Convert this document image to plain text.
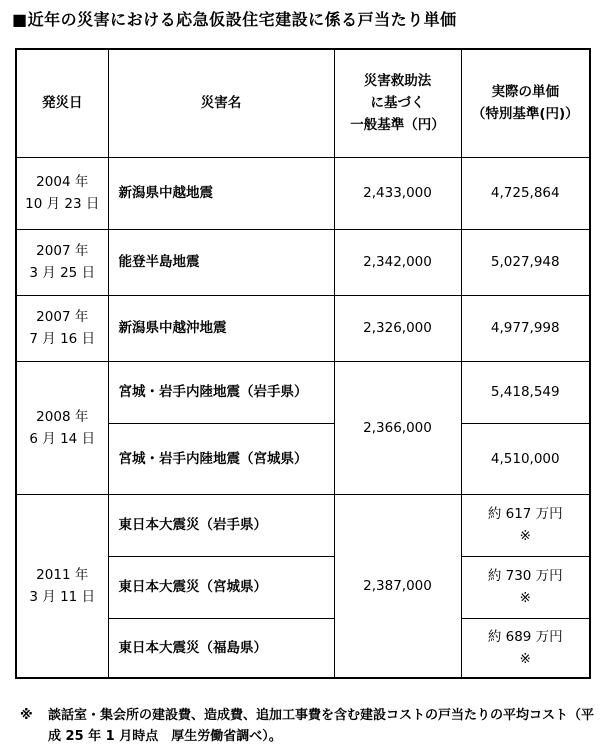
■近年の災害における応急仮設住宅建設に係る戸当たり単価
発災日	災害名	災害救助法
に基づく
一般基準（円）	実際の単価
（特別基準(円)）

2004 年
10 月 23 日	新潟県中越地震	2,433,000	4,725,864

2007 年
3 月 25 日	能登半島地震	2,342,000	5,027,948

2007 年
7 月 16 日	新潟県中越沖地震	2,326,000	4,977,998

2008 年
6 月 14 日	宮城・岩手内陸地震（岩手県）	2,366,000	5,418,549
	宮城・岩手内陸地震（宮城県）		4,510,000

2011 年
3 月 11 日	東日本大震災（岩手県）	2,387,000	約 617 万円
※

	東日本大震災（宮城県）		約 730 万円
※

	東日本大震災（福島県）		約 689 万円
※
※	談話室・集会所の建設費、造成費、追加工事費を含む建設コストの戸当たりの平均コスト（平成 25 年 1 月時点　厚生労働省調べ）。
